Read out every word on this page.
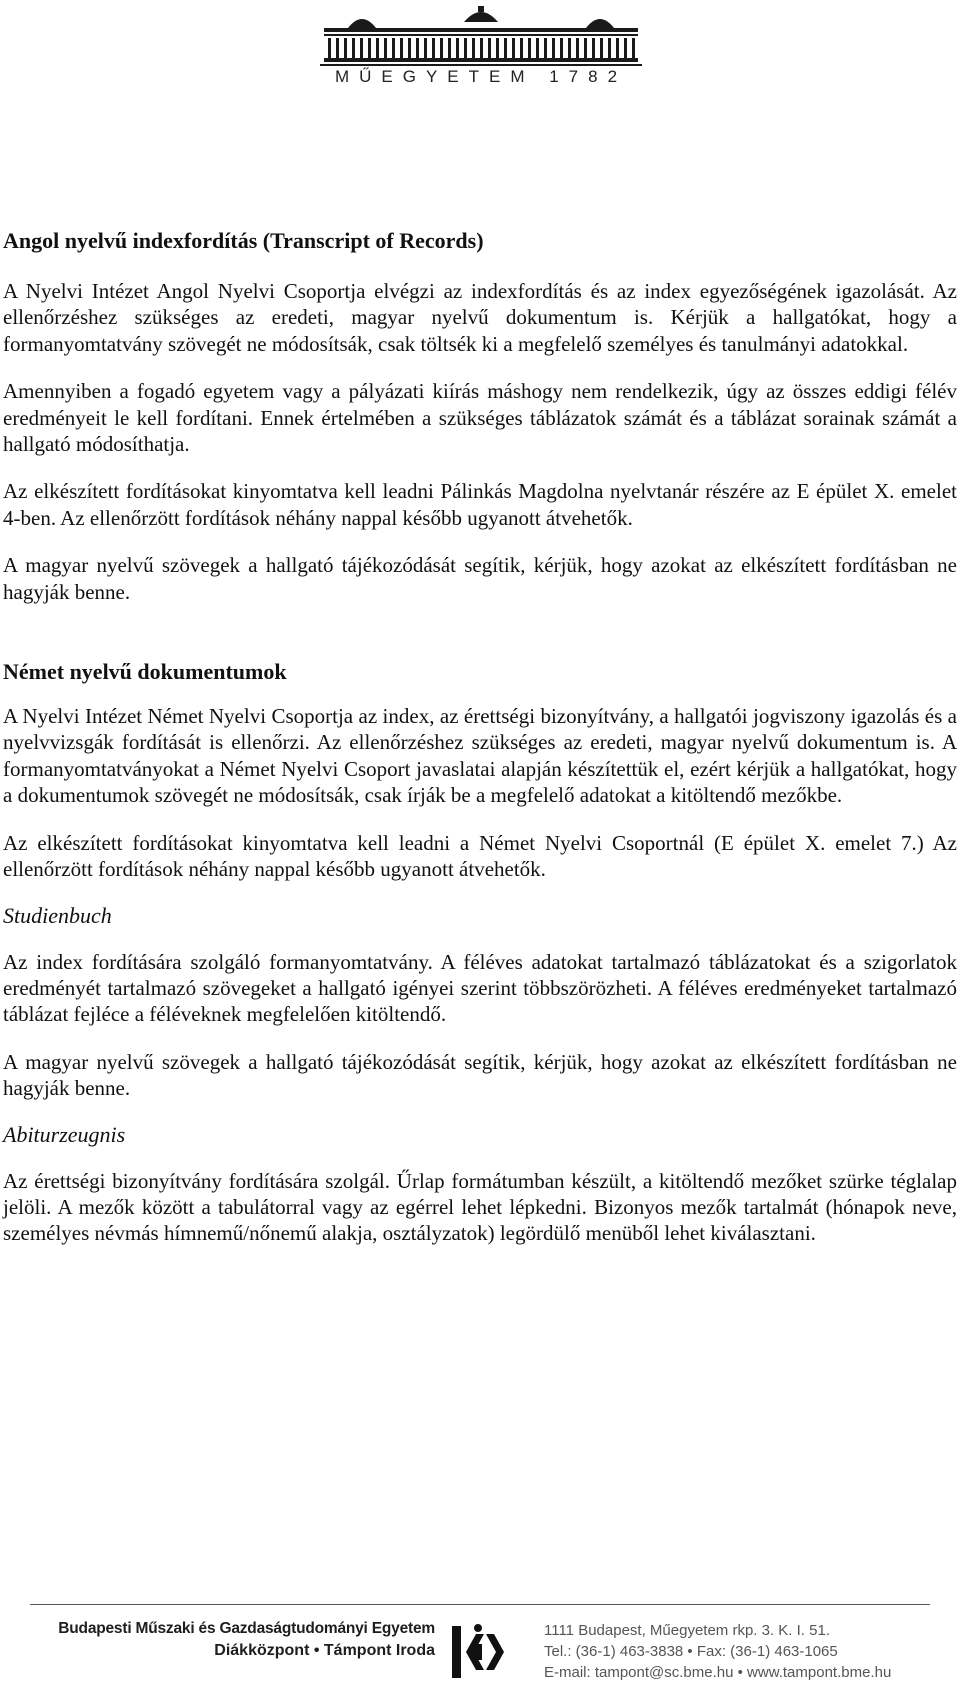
MŰEGYETEM 1782

Angol nyelvű indexfordítás (Transcript of Records)

A Nyelvi Intézet Angol Nyelvi Csoportja elvégzi az indexfordítás és az index egyezőségének igazolását. Az ellenőrzéshez szükséges az eredeti, magyar nyelvű dokumentum is. Kérjük a hallgatókat, hogy a formanyomtatvány szövegét ne módosítsák, csak töltsék ki a megfelelő személyes és tanulmányi adatokkal.

Amennyiben a fogadó egyetem vagy a pályázati kiírás máshogy nem rendelkezik, úgy az összes eddigi félév eredményeit le kell fordítani. Ennek értelmében a szükséges táblázatok számát és a táblázat sorainak számát a hallgató módosíthatja.

Az elkészített fordításokat kinyomtatva kell leadni Pálinkás Magdolna nyelvtanár részére az E épület X. emelet 4-ben. Az ellenőrzött fordítások néhány nappal később ugyanott átvehetők.

A magyar nyelvű szövegek a hallgató tájékozódását segítik, kérjük, hogy azokat az elkészített fordításban ne hagyják benne.

Német nyelvű dokumentumok

A Nyelvi Intézet Német Nyelvi Csoportja az index, az érettségi bizonyítvány, a hallgatói jogviszony igazolás és a nyelvvizsgák fordítását is ellenőrzi. Az ellenőrzéshez szükséges az eredeti, magyar nyelvű dokumentum is. A formanyomtatványokat a Német Nyelvi Csoport javaslatai alapján készítettük el, ezért kérjük a hallgatókat, hogy a dokumentumok szövegét ne módosítsák, csak írják be a megfelelő adatokat a kitöltendő mezőkbe.

Az elkészített fordításokat kinyomtatva kell leadni a Német Nyelvi Csoportnál (E épület X. emelet 7.) Az ellenőrzött fordítások néhány nappal később ugyanott átvehetők.

Studienbuch

Az index fordítására szolgáló formanyomtatvány. A féléves adatokat tartalmazó táblázatokat és a szigorlatok eredményét tartalmazó szövegeket a hallgató igényei szerint többszörözheti. A féléves eredményeket tartalmazó táblázat fejléce a féléveknek megfelelően kitöltendő.

A magyar nyelvű szövegek a hallgató tájékozódását segítik, kérjük, hogy azokat az elkészített fordításban ne hagyják benne.

Abiturzeugnis

Az érettségi bizonyítvány fordítására szolgál. Űrlap formátumban készült, a kitöltendő mezőket szürke téglalap jelöli. A mezők között a tabulátorral vagy az egérrel lehet lépkedni. Bizonyos mezők tartalmát (hónapok neve, személyes névmás hímnemű/nőnemű alakja, osztályzatok) legördülő menüből lehet kiválasztani.

Budapesti Műszaki és Gazdaságtudományi Egyetem
Diákközpont • Támpont Iroda
1111 Budapest, Műegyetem rkp. 3. K. I. 51.
Tel.: (36-1) 463-3838 • Fax: (36-1) 463-1065
E-mail: tampont@sc.bme.hu • www.tampont.bme.hu
